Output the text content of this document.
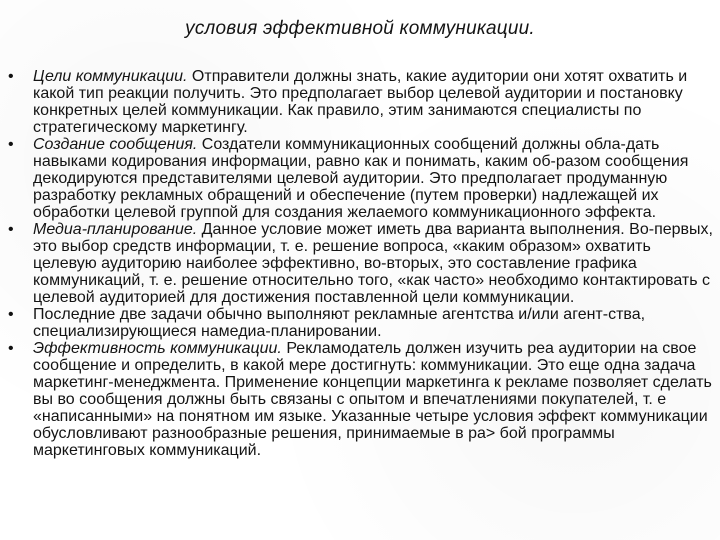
условия эффективной коммуникации.
•	Цели коммуникации. Отправители должны знать, какие аудитории они хотят охватить и какой тип реакции получить. Это предполагает выбор целевой аудитории и постановку конкретных целей коммуникации. Как правило, этим занимаются специалисты по стратегическому маркетингу.
•	Создание сообщения. Создатели коммуникационных сообщений должны обла-дать навыками кодирования информации, равно как и понимать, каким об-разом сообщения декодируются представителями целевой аудитории. Это предполагает продуманную разработку рекламных обращений и обеспечение (путем проверки) надлежащей их обработки целевой группой для создания желаемого коммуникационного эффекта.
•	Медиа-планирование. Данное условие может иметь два варианта выполнения. Во-первых, это выбор средств информации, т. е. решение вопроса, «каким образом» охватить целевую аудиторию наиболее эффективно, во-вторых, это составление графика коммуникаций, т. е. решение относительно того, «как часто» необходимо контактировать с целевой аудиторией для достижения поставленной цели коммуникации.
•	Последние две задачи обычно выполняют рекламные агентства и/или агент-ства, специализирующиеся намедиа-планировании.
•	Эффективность коммуникации. Рекламодатель должен изучить реа аудитории на свое сообщение и определить, в какой мере достигнуть: коммуникации. Это еще одна задача маркетинг-менеджмента. Применение концепции маркетинга к рекламе позволяет сделать вы во сообщения должны быть связаны с опытом и впечатлениями покупателей, т. е «написанными» на понятном им языке. Указанные четыре условия эффект коммуникации обусловливают разнообразные решения, принимаемые в ра> бой программы маркетинговых коммуникаций.
